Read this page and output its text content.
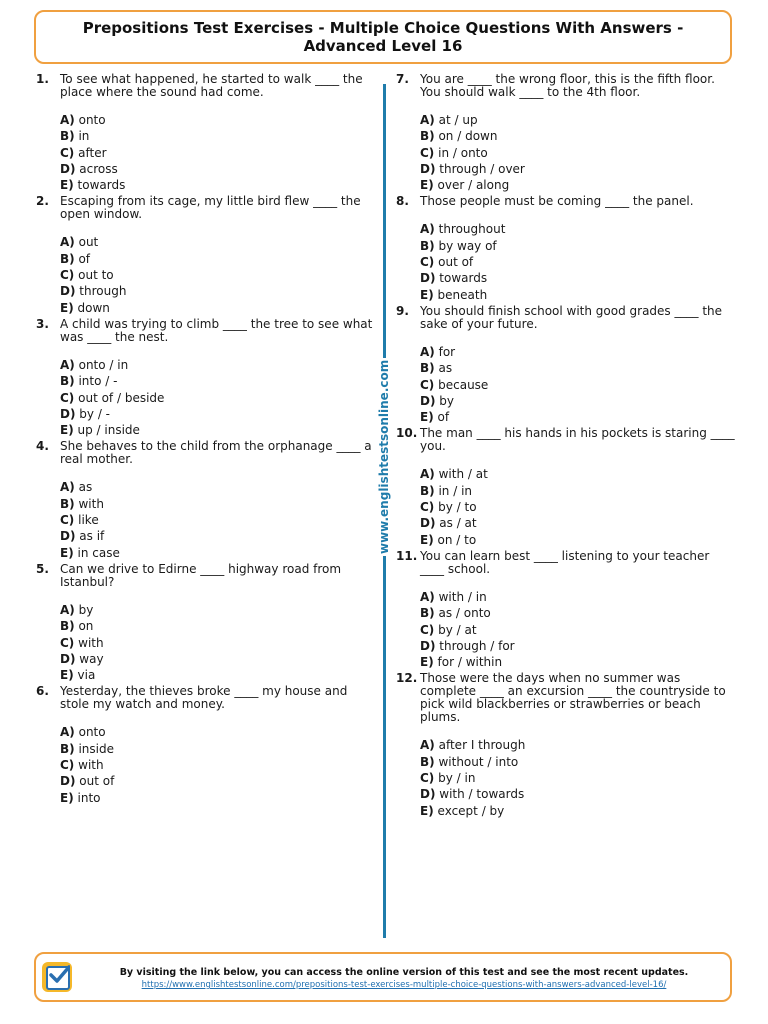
Prepositions Test Exercises - Multiple Choice Questions With Answers - Advanced Level 16
1. To see what happened, he started to walk ____ the place where the sound had come.
A) onto
B) in
C) after
D) across
E) towards
2. Escaping from its cage, my little bird flew ____ the open window.
A) out
B) of
C) out to
D) through
E) down
3. A child was trying to climb ____ the tree to see what was ____ the nest.
A) onto / in
B) into / -
C) out of / beside
D) by / -
E) up / inside
4. She behaves to the child from the orphanage ____ a real mother.
A) as
B) with
C) like
D) as if
E) in case
5. Can we drive to Edirne ____ highway road from Istanbul?
A) by
B) on
C) with
D) way
E) via
6. Yesterday, the thieves broke ____ my house and stole my watch and money.
A) onto
B) inside
C) with
D) out of
E) into
www.englishtestsonline.com
7. You are ____ the wrong floor, this is the fifth floor. You should walk ____ to the 4th floor.
A) at / up
B) on / down
C) in / onto
D) through / over
E) over / along
8. Those people must be coming ____ the panel.
A) throughout
B) by way of
C) out of
D) towards
E) beneath
9. You should finish school with good grades ____ the sake of your future.
A) for
B) as
C) because
D) by
E) of
10. The man ____ his hands in his pockets is staring ____ you.
A) with / at
B) in / in
C) by / to
D) as / at
E) on / to
11. You can learn best ____ listening to your teacher ____ school.
A) with / in
B) as / onto
C) by / at
D) through / for
E) for / within
12. Those were the days when no summer was complete ____ an excursion ____ the countryside to pick wild blackberries or strawberries or beach plums.
A) after I through
B) without / into
C) by / in
D) with / towards
E) except / by
By visiting the link below, you can access the online version of this test and see the most recent updates.
https://www.englishtestsonline.com/prepositions-test-exercises-multiple-choice-questions-with-answers-advanced-level-16/
